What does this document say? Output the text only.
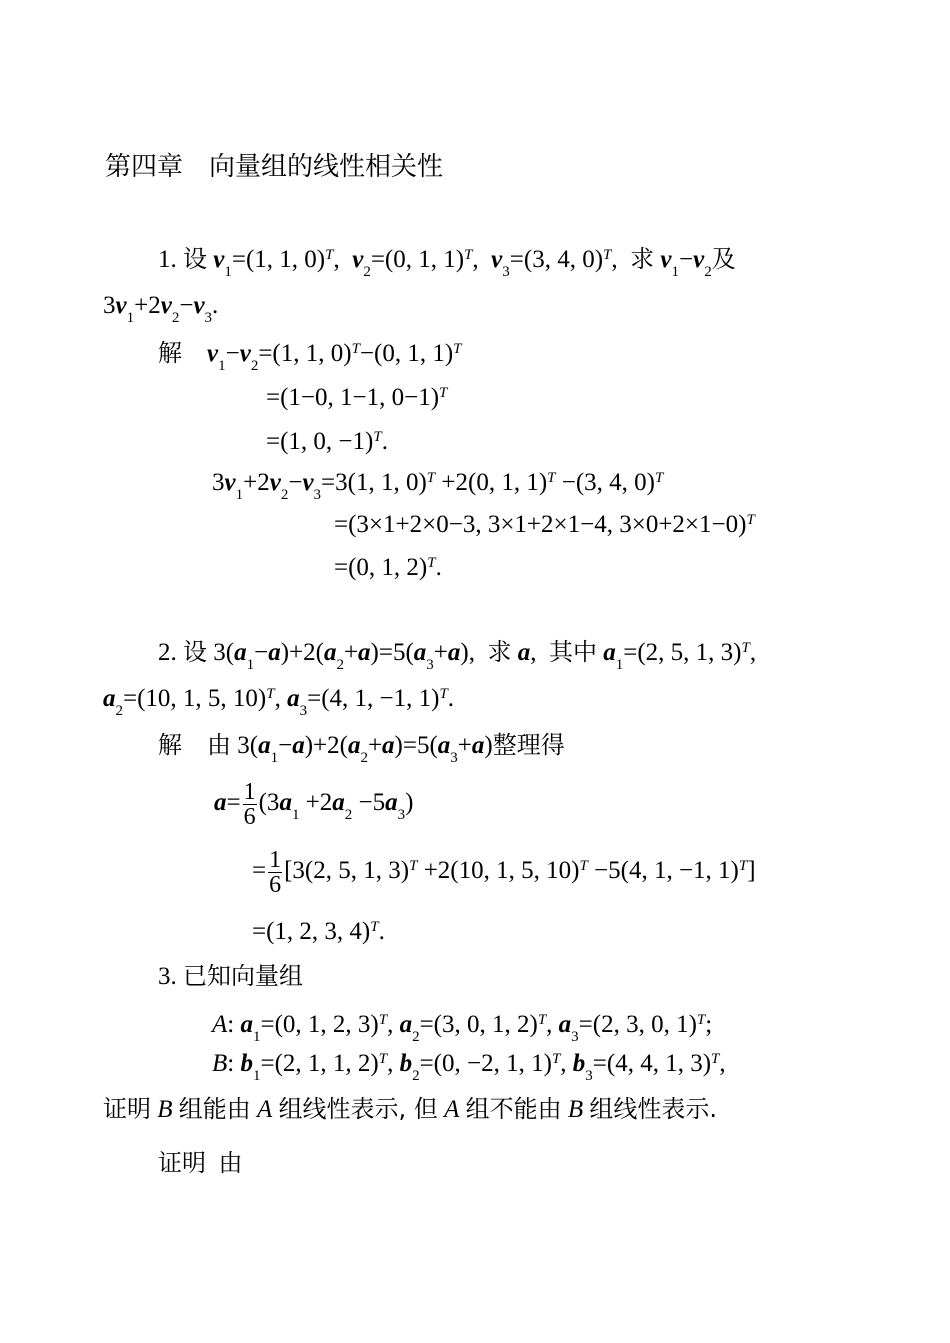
第四章　向量组的线性相关性
1. 设 $v_1=(1$, 1, 0)$^T$,  $v_2=(0$, 1, 1)$^T$,  $v_3=(3$, 4, 0)$^T$,  求 $v_1-v_2$及
$3v_1+2v_2-v_3$.
解 $v_1-v_2=(1$, 1, 0)$^T$−(0, 1, 1)$^T$
=(1−0, 1−1, 0−1)$^T$
=(1, 0, −1)$^T$.
$3v_1+2v_2-v_3=3(1$, 1, 0)$^T$ +2(0, 1, 1)$^T$ −(3, 4, 0)$^T$
=(3×1+2×0−3, 3×1+2×1−4, 3×0+2×1−0)$^T$
=(0, 1, 2)$^T$.
2. 设 $3(a_1-a)+2(a_2+a)=5(a_3+a)$,  求 a,  其中 $a_1=(2$, 5, 1, 3)$^T$,
$a_2=(10$, 1, 5, 10)$^T$, $a_3=(4$, 1, −1, 1)$^T$.
解 由 $3(a_1-a)+2(a_2+a)=5(a_3+a)$整理得
$a= \frac{1}{6} (3a_1 +2a_2 -5a_3)$
= $\frac{1}{6} [3(2$, 5, 1, 3)$^T$ +2(10, 1, 5, 10)$^T$ −5(4, 1, −1, 1)$^T$]
=(1, 2, 3, 4)$^T$.
3. 已知向量组
A: $a_1=(0$, 1, 2, 3)$^T$, $a_2=(3$, 0, 1, 2)$^T$, $a_3=(2$, 3, 0, 1)$^T$;
B: $b_1=(2$, 1, 1, 2)$^T$, $b_2=(0$, −2, 1, 1)$^T$, $b_3=(4$, 4, 1, 3)$^T$,
证明 B 组能由 A 组线性表示, 但 A 组不能由 B 组线性表示.
证明 由
